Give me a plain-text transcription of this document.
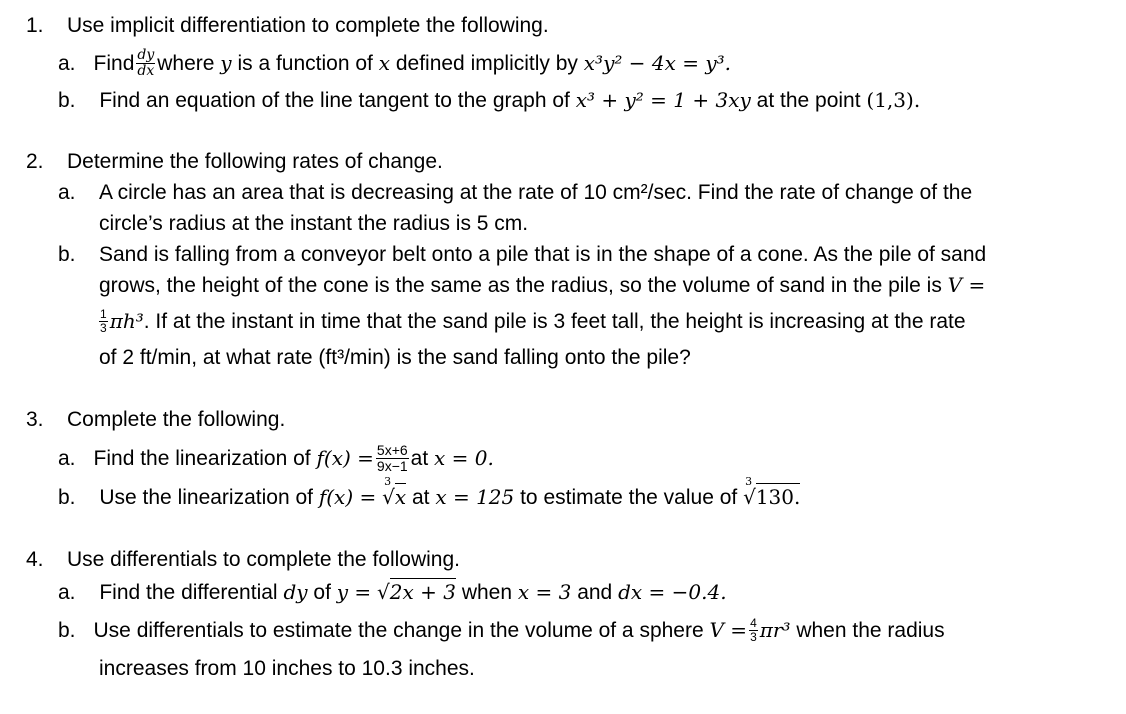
1. Use implicit differentiation to complete the following.
a. Find $\frac{dy}{dx}$ where
y
is a function of
x
defined implicitly by
x³y² − 4x = y³.
b. Find an equation of the line tangent to the graph of x³ + y² = 1 + 3xy at the point (1,3).
2. Determine the following rates of change.
a. A circle has an area that is decreasing at the rate of 10 cm²/sec. Find the rate of change of the
circle’s radius at the instant the radius is 5 cm.
b. Sand is falling from a conveyor belt onto a pile that is in the shape of a cone. As the pile of sand
grows, the height of the cone is the same as the radius, so the volume of sand in the pile is V =
$\frac{1}{3} \pi h^3$ . If at the instant in time that the sand pile is 3 feet tall, the height is increasing at the rate
of 2 ft/min, at what rate (ft³/min) is the sand falling onto the pile?
3. Complete the following.
a. Find the linearization of
$f(x) = \frac{5x+6}{9x-1}$ at
x = 0.
b. Use the linearization of f(x) =
3
√x at x = 125 to estimate the value of
3
√130.
4. Use differentials to complete the following.
a. Find the differential dy of y = √2x + 3 when x = 3 and dx = −0.4.
b. Use differentials to estimate the change in the volume of a sphere
$V = \frac{4}{3} \pi r^3$
when the radius
increases from 10 inches to 10.3 inches.
